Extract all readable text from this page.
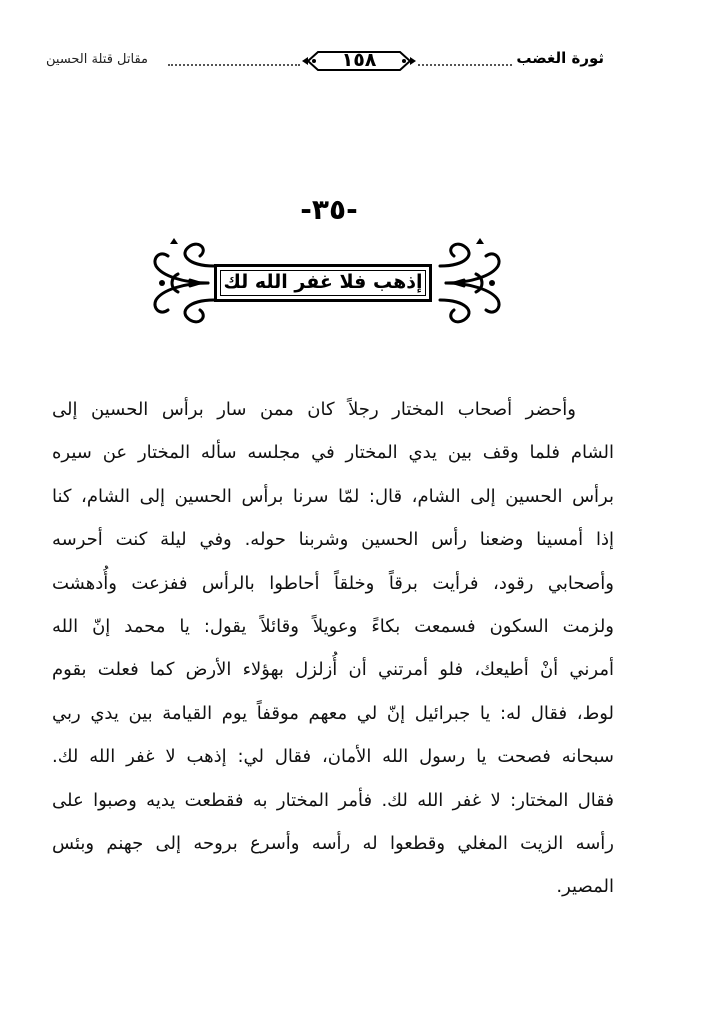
مقاتل قتلة الحسين	١٥٨	ثورة الغضب
-٣٥-
إذهب فلا غفر الله لك
وأحضر أصحاب المختار رجلاً كان ممن سار برأس الحسين إلى
الشام فلما وقف بين يدي المختار في مجلسه سأله المختار عن سيره
برأس الحسين إلى الشام، قال: لمّا سرنا برأس الحسين إلى الشام، كنا
إذا أمسينا وضعنا رأس الحسين وشربنا حوله. وفي ليلة كنت أحرسه
وأصحابي رقود، فرأيت برقاً وخلقاً أحاطوا بالرأس ففزعت وأُدهشت
ولزمت السكون فسمعت بكاءً وعويلاً وقائلاً يقول: يا محمد إنّ الله
أمرني أنْ أطيعك، فلو أمرتني أن أُزلزل بهؤلاء الأرض كما فعلت بقوم
لوط، فقال له: يا جبرائيل إنّ لي معهم موقفاً يوم القيامة بين يدي ربي
سبحانه فصحت يا رسول الله الأمان، فقال لي: إذهب لا غفر الله لك.
فقال المختار: لا غفر الله لك. فأمر المختار به فقطعت يديه وصبوا على
رأسه الزيت المغلي وقطعوا له رأسه وأسرع بروحه إلى جهنم وبئس
المصير.
